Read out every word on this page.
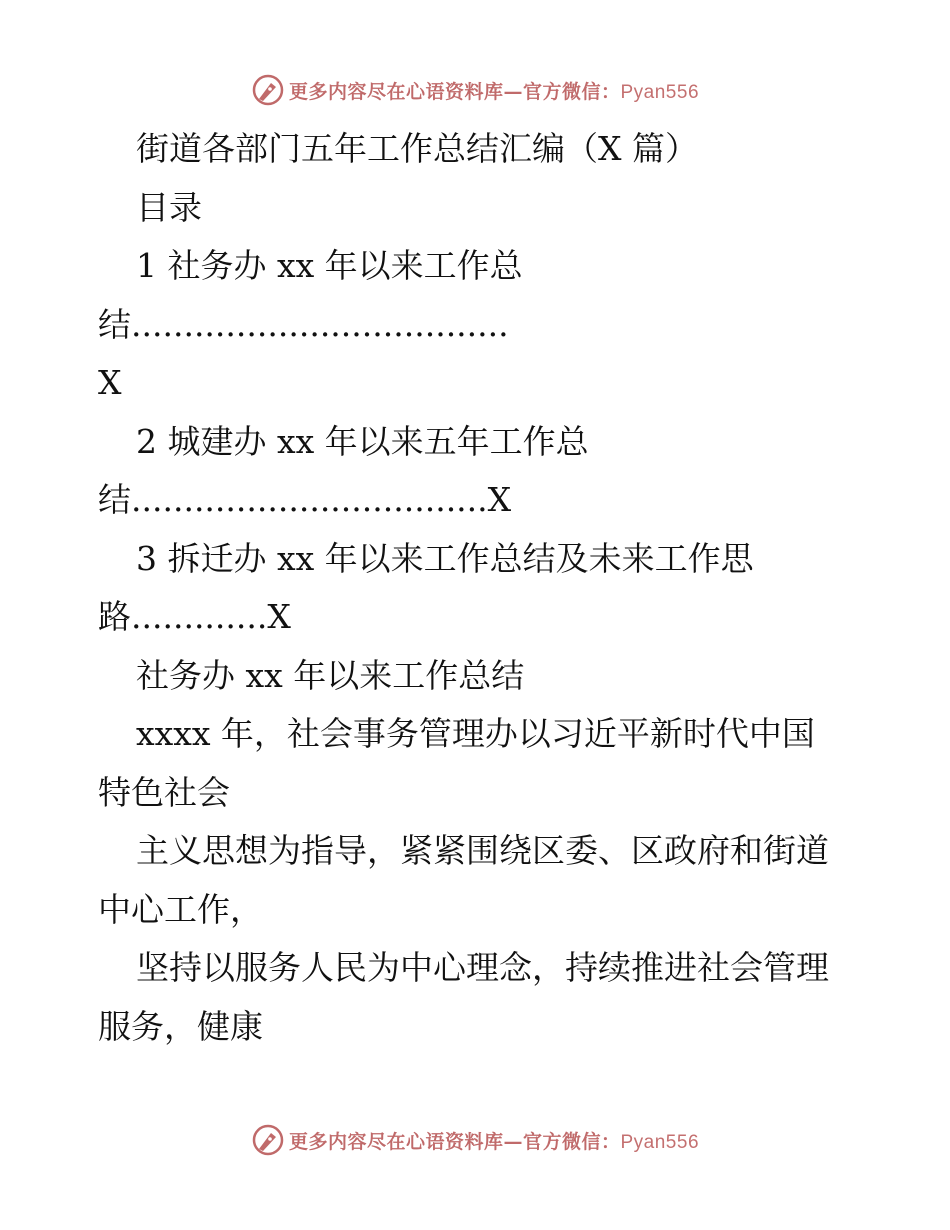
更多内容尽在心语资料库—官方微信：Pyan556
街道各部门五年工作总结汇编（X 篇）
目录
1 社务办 xx 年以来工作总
结....................................
X
2 城建办 xx 年以来五年工作总
结..................................X
3 拆迁办 xx 年以来工作总结及未来工作思
路.............X
社务办 xx 年以来工作总结
xxxx 年，社会事务管理办以习近平新时代中国
特色社会
主义思想为指导，紧紧围绕区委、区政府和街道
中心工作，
坚持以服务人民为中心理念，持续推进社会管理
服务，健康
更多内容尽在心语资料库—官方微信：Pyan556
